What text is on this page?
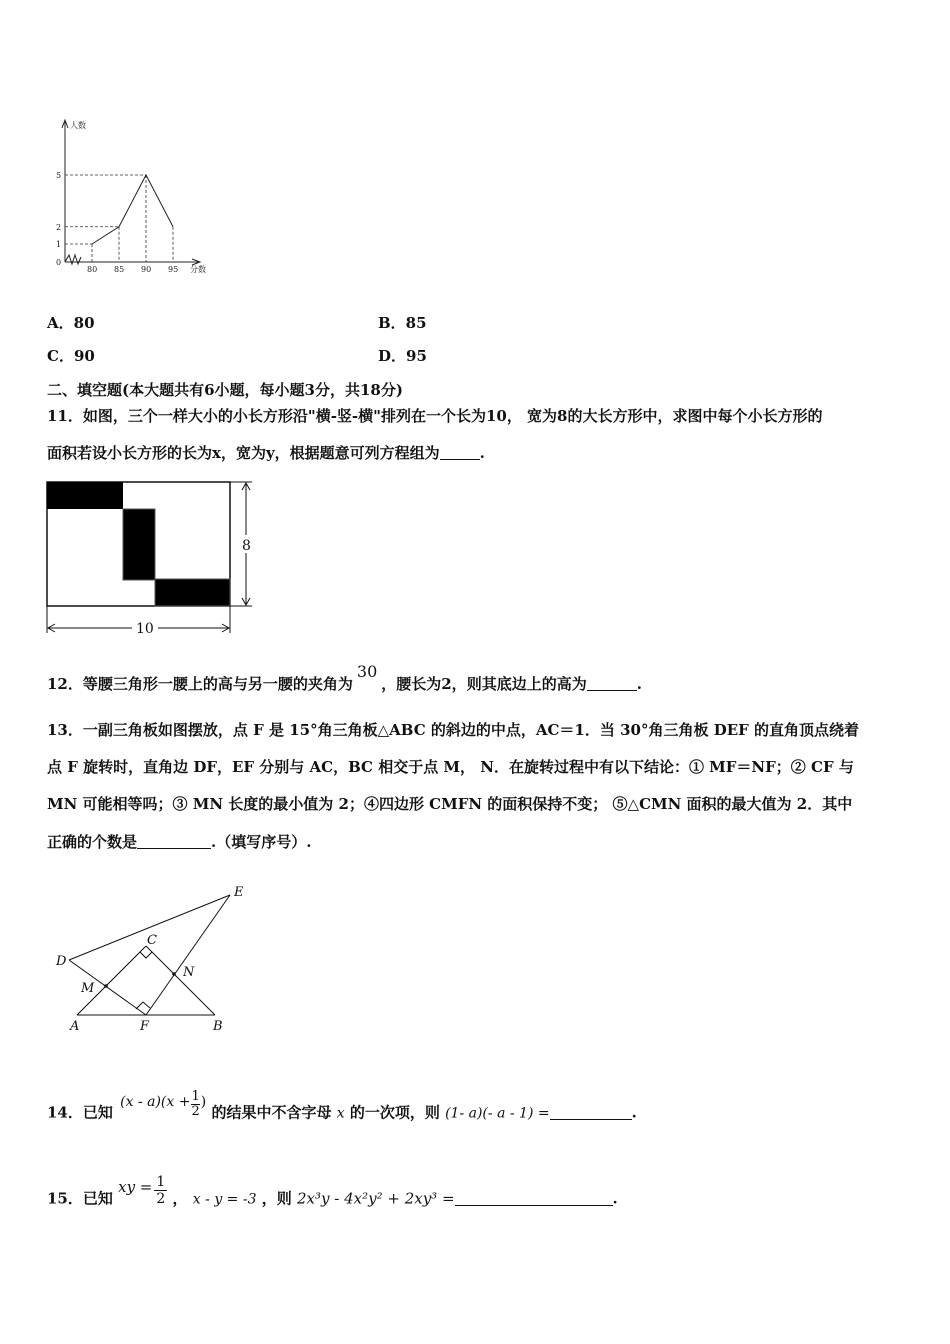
80 85 90 95
0
1
2
5
人数
分数
A．80	B．85
C．90	D．95
二、填空题(本大题共有6小题，每小题3分，共18分)
11．如图，三个一样大小的小长方形沿"横-竖-横"排列在一个长为10， 宽为8的大长方形中，求图中每个小长方形的
面积若设小长方形的长为x，宽为y，根据题意可列方程组为	.
8
10
12．等腰三角形一腰上的高与另一腰的夹角为30，腰长为2，则其底边上的高为	.
13．一副三角板如图摆放，点 F 是 15°角三角板△ABC 的斜边的中点，AC＝1．当 30°角三角板 DEF 的直角顶点绕着
点 F 旋转时，直角边 DF，EF 分别与 AC，BC 相交于点 M， N．在旋转过程中有以下结论：① MF＝NF；② CF 与
MN 可能相等吗；③ MN 长度的最小值为 2；④四边形 CMFN 的面积保持不变； ⑤△CMN 面积的最大值为 2．其中
正确的个数是	.（填写序号）.
E
D
C
N
M
A	F	B
14．已知 $(x - a)(x + \frac{1}{2}$ ) 的结果中不含字母 x 的一次项，则 (1- a)(- a - 1) =	.
15．已知 xy = $\frac{1}{2}$ ， x - y = -3 ，则 2x³y - 4x²y² + 2xy³ =	.
